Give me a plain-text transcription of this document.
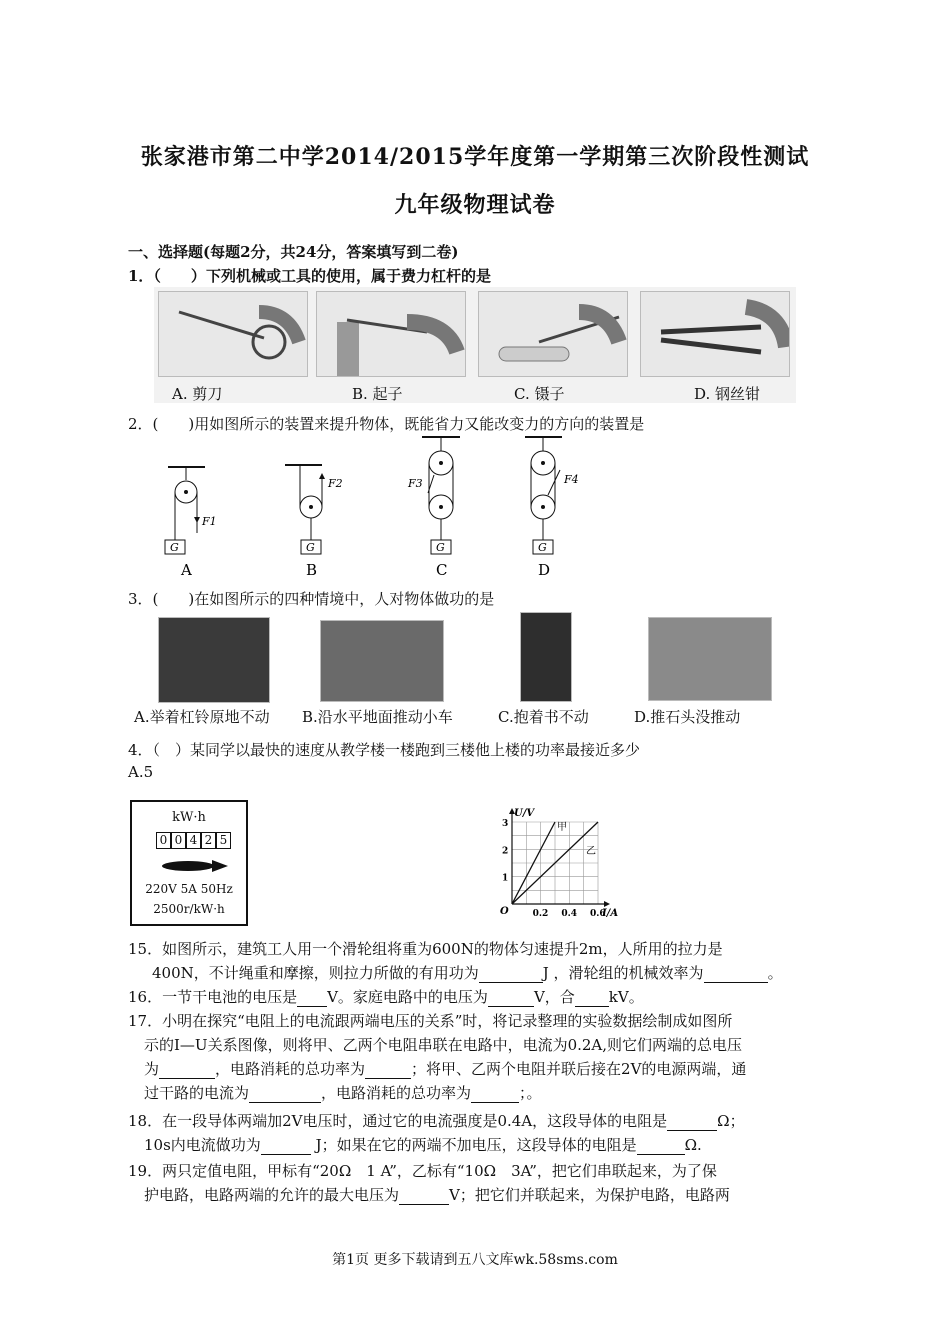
张家港市第二中学2014/2015学年度第一学期第三次阶段性测试
九年级物理试卷
一、选择题(每题2分，共24分，答案填写到二卷)
1．（　　）下列机械或工具的使用，属于费力杠杆的是
A. 剪刀	B. 起子	C. 镊子	D. 钢丝钳
2．(　　)用如图所示的装置来提升物体，既能省力又能改变力的方向的装置是
F1
G
A
F2
G
B
F3
G
C
F4
G
D
3．(　　)在如图所示的四种情境中，人对物体做功的是
A.举着杠铃原地不动 B.沿水平地面推动小车	C.抱着书不动	D.推石头没推动
4．（　）某同学以最快的速度从教学楼一楼跑到三楼他上楼的功率最接近多少
A.5
kW·h
0 0 4 2 5
220V 5A 50Hz
2500r/kW·h
甲
乙
0.2 0.4 0.6
1
2
3
O	I/A
U/V
15．如图所示，建筑工人用一个滑轮组将重为600N的物体匀速提升2m，人所用的拉力是
400N，不计绳重和摩擦，则拉力所做的有用功为	J ，滑轮组的机械效率为	。
16．一节干电池的电压是 V。家庭电路中的电压为	V，合 kV。
17．小明在探究“电阻上的电流跟两端电压的关系”时，将记录整理的实验数据绘制成如图所
示的I—U关系图像，则将甲、乙两个电阻串联在电路中，电流为0.2A,则它们两端的总电压
为	，电路消耗的总功率为	；将甲、乙两个电阻并联后接在2V的电源两端，通
过干路的电流为	，电路消耗的总功率为	；。
18．在一段导体两端加2V电压时，通过它的电流强度是0.4A，这段导体的电阻是	Ω；
10s内电流做功为	J；如果在它的两端不加电压，这段导体的电阻是	Ω.
19．两只定值电阻，甲标有“20Ω　1 A”，乙标有“10Ω　3A”，把它们串联起来，为了保
护电路，电路两端的允许的最大电压为	V；把它们并联起来，为保护电路，电路两
第1页 更多下载请到五八文库wk.58sms.com
